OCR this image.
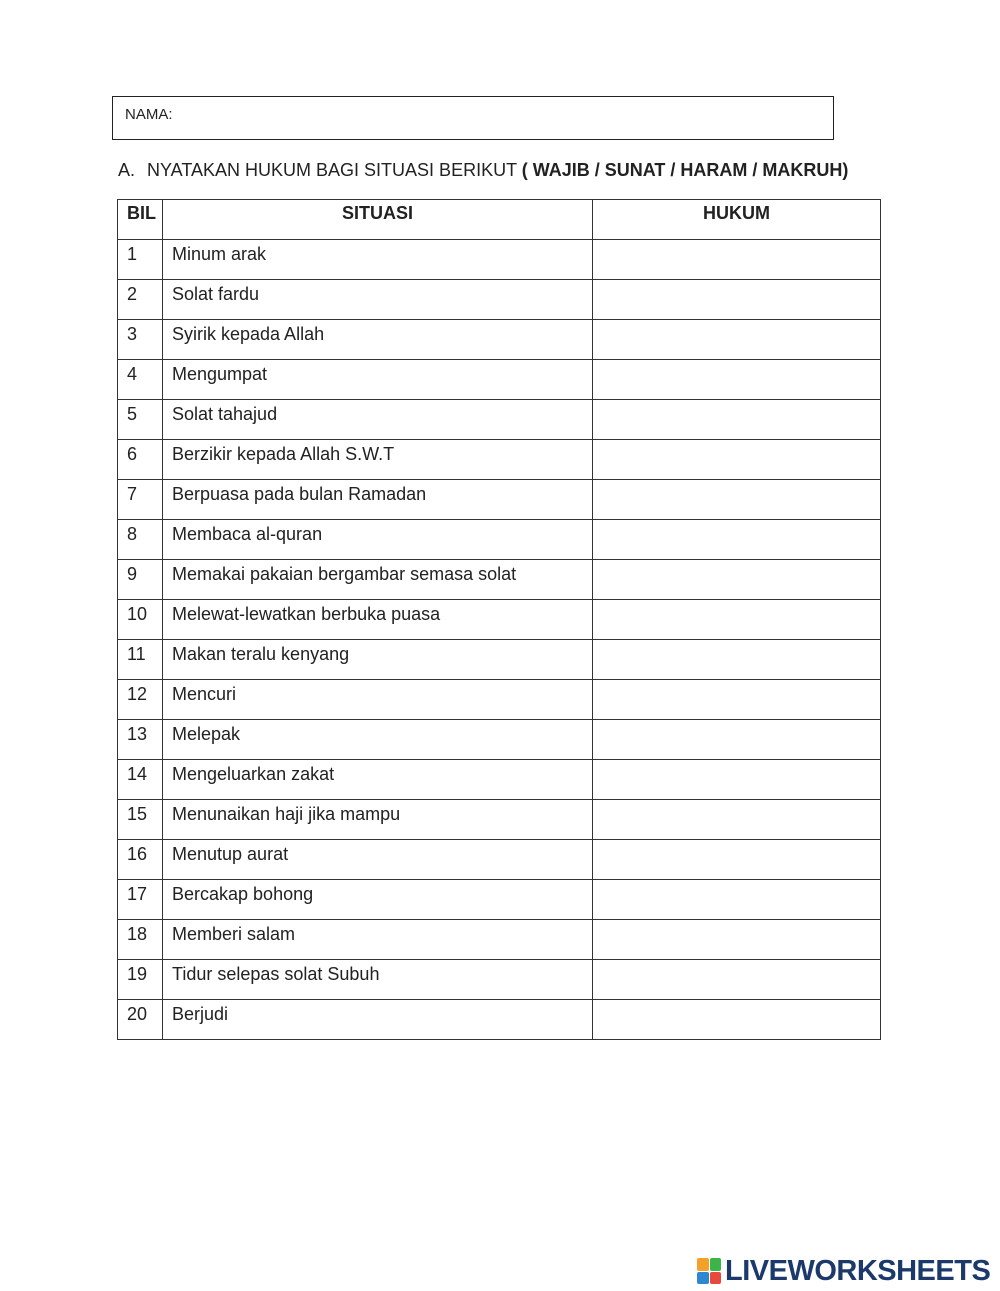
NAMA:
A. NYATAKAN HUKUM BAGI SITUASI BERIKUT ( WAJIB / SUNAT / HARAM / MAKRUH)
BIL	SITUASI	HUKUM
1	Minum arak	
2	Solat fardu	
3	Syirik kepada Allah	
4	Mengumpat	
5	Solat tahajud	
6	Berzikir kepada Allah S.W.T	
7	Berpuasa pada bulan Ramadan	
8	Membaca al-quran	
9	Memakai pakaian bergambar semasa solat	
10	Melewat-lewatkan berbuka puasa	
11	Makan teralu kenyang	
12	Mencuri	
13	Melepak	
14	Mengeluarkan zakat	
15	Menunaikan haji jika mampu	
16	Menutup aurat	
17	Bercakap bohong	
18	Memberi salam	
19	Tidur selepas solat Subuh	
20	Berjudi	
LIVEWORKSHEETS
